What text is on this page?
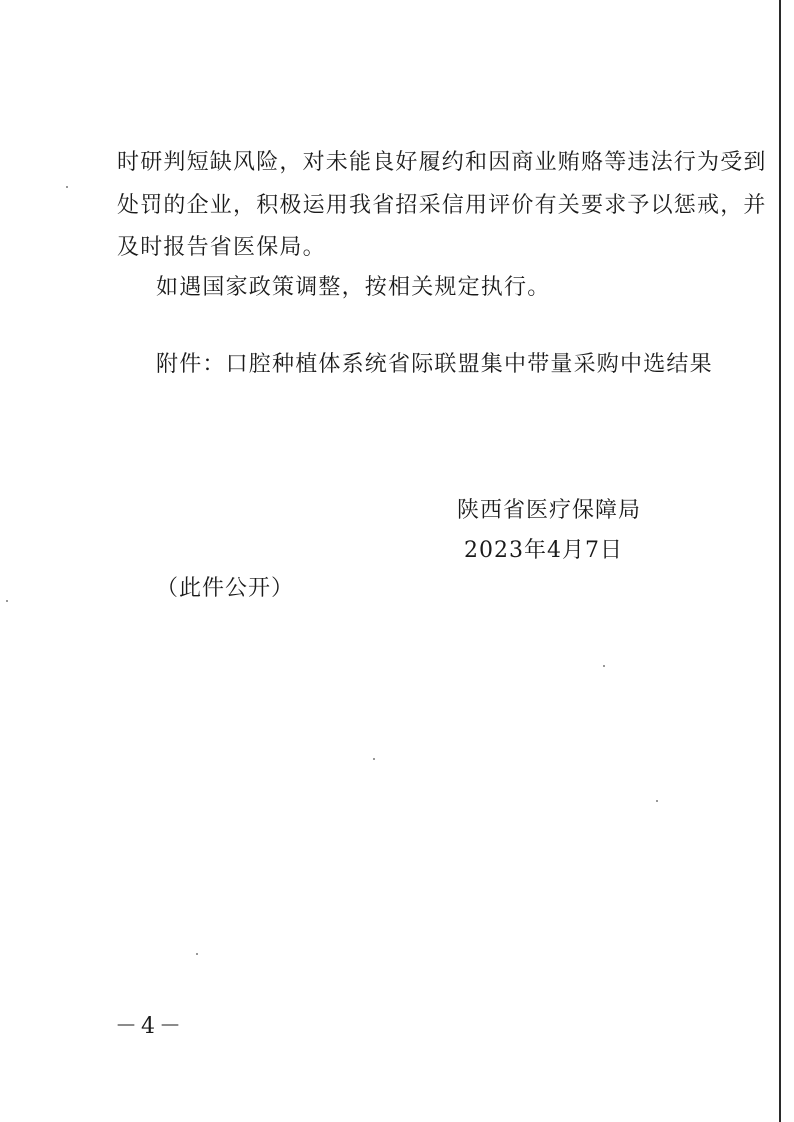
时研判短缺风险，对未能良好履约和因商业贿赂等违法行为受到
处罚的企业，积极运用我省招采信用评价有关要求予以惩戒，并
及时报告省医保局。
如遇国家政策调整，按相关规定执行。
附件：口腔种植体系统省际联盟集中带量采购中选结果
陕西省医疗保障局
2023年4月7日
（此件公开）
－4－
